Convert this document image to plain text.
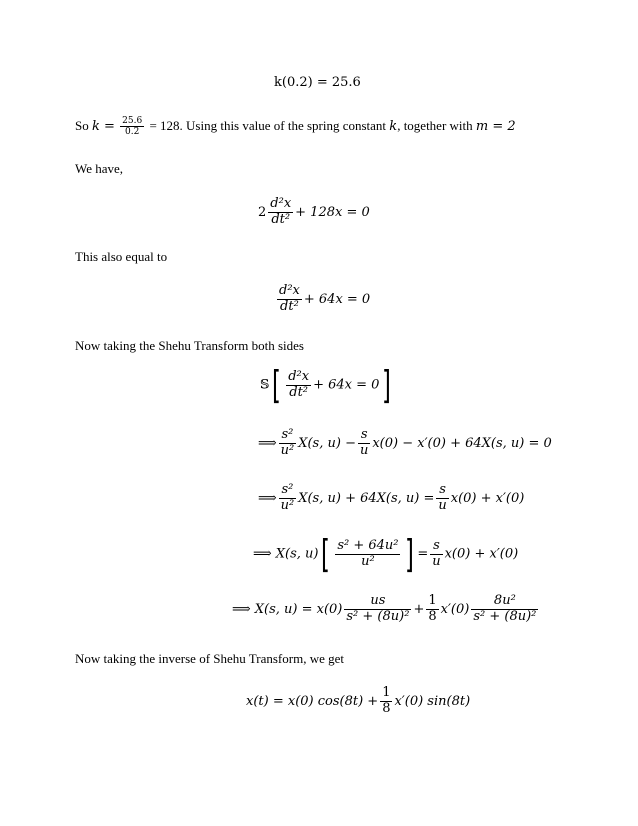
k(0.2) = 25.6
So $k = \frac{25.6}{0.2} = 128$. Using this value of the spring constant k, together with m = 2
We have,
$2 \frac{\text{d²x}}{\text{dt²}} + 128x = 0$
This also equal to
$\frac{\text{d²x}}{\text{dt²}} + 64x = 0$
Now taking the Shehu Transform both sides
𝕊[ $\frac{\text{d²x}}{\text{dt²}} + 64x = 0$]
⟹ $\frac{\text{s²}}{\text{u²}} X(s$, $u) - \frac{s}{u} x(0) - x'(0) + 64X(s$, u) = 0
⟹ $\frac{\text{s²}}{\text{u²}} X(s$, u) + 64X(s, $u) = \frac{s}{u} x(0) + x'(0)$
⟹ X(s, $u)[ \frac{\text{s² + 64u²}}{\text{u²}}$ ] = $\frac{s}{u} x(0) + x'(0)$
⟹ X(s, $u) = x(0) \frac{us}{\text{s² + (8u)²}} + \frac{1}{8} x'(0) \frac{\text{8u²}}{\text{s² + (8u)²}}$
Now taking the inverse of Shehu Transform, we get
x(t) = x(0) $\cos(8t) + \frac{1}{8} x'(0)$ sin(8t)
